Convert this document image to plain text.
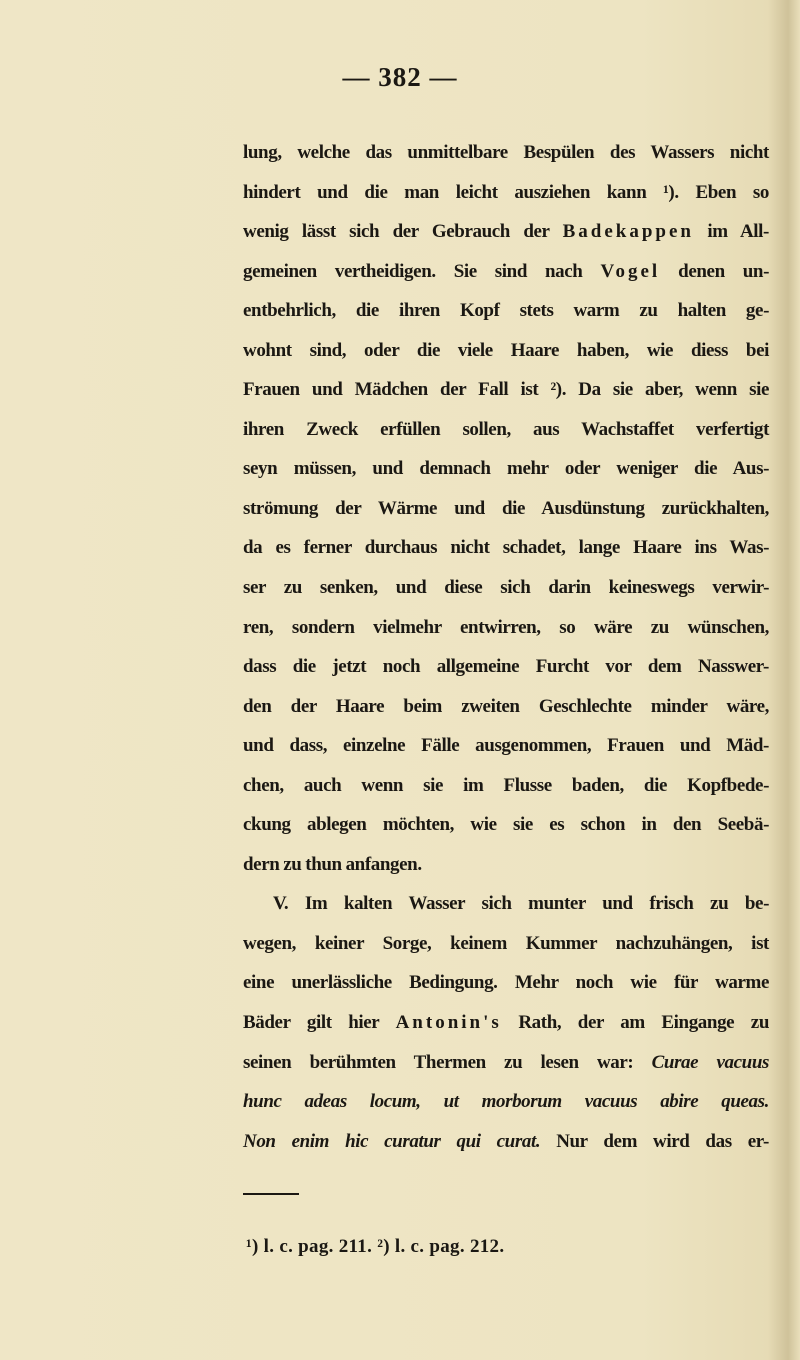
— 382 —
lung, welche das unmittelbare Bespülen des Wassers nicht
hindert und die man leicht ausziehen kann ¹). Eben so
wenig lässt sich der Gebrauch der Badekappen im All-
gemeinen vertheidigen. Sie sind nach Vogel denen un-
entbehrlich, die ihren Kopf stets warm zu halten ge-
wohnt sind, oder die viele Haare haben, wie diess bei
Frauen und Mädchen der Fall ist ²). Da sie aber, wenn sie
ihren Zweck erfüllen sollen, aus Wachstaffet verfertigt
seyn müssen, und demnach mehr oder weniger die Aus-
strömung der Wärme und die Ausdünstung zurückhalten,
da es ferner durchaus nicht schadet, lange Haare ins Was-
ser zu senken, und diese sich darin keineswegs verwir-
ren, sondern vielmehr entwirren, so wäre zu wünschen,
dass die jetzt noch allgemeine Furcht vor dem Nasswer-
den der Haare beim zweiten Geschlechte minder wäre,
und dass, einzelne Fälle ausgenommen, Frauen und Mäd-
chen, auch wenn sie im Flusse baden, die Kopfbede-
ckung ablegen möchten, wie sie es schon in den Seebä-
dern zu thun anfangen.
V. Im kalten Wasser sich munter und frisch zu be-
wegen, keiner Sorge, keinem Kummer nachzuhängen, ist
eine unerlässliche Bedingung. Mehr noch wie für warme
Bäder gilt hier Antonin's Rath, der am Eingange zu
seinen berühmten Thermen zu lesen war: Curae vacuus
hunc adeas locum, ut morborum vacuus abire queas.
Non enim hic curatur qui curat. Nur dem wird das er-
¹) l. c. pag. 211. ²) l. c. pag. 212.
